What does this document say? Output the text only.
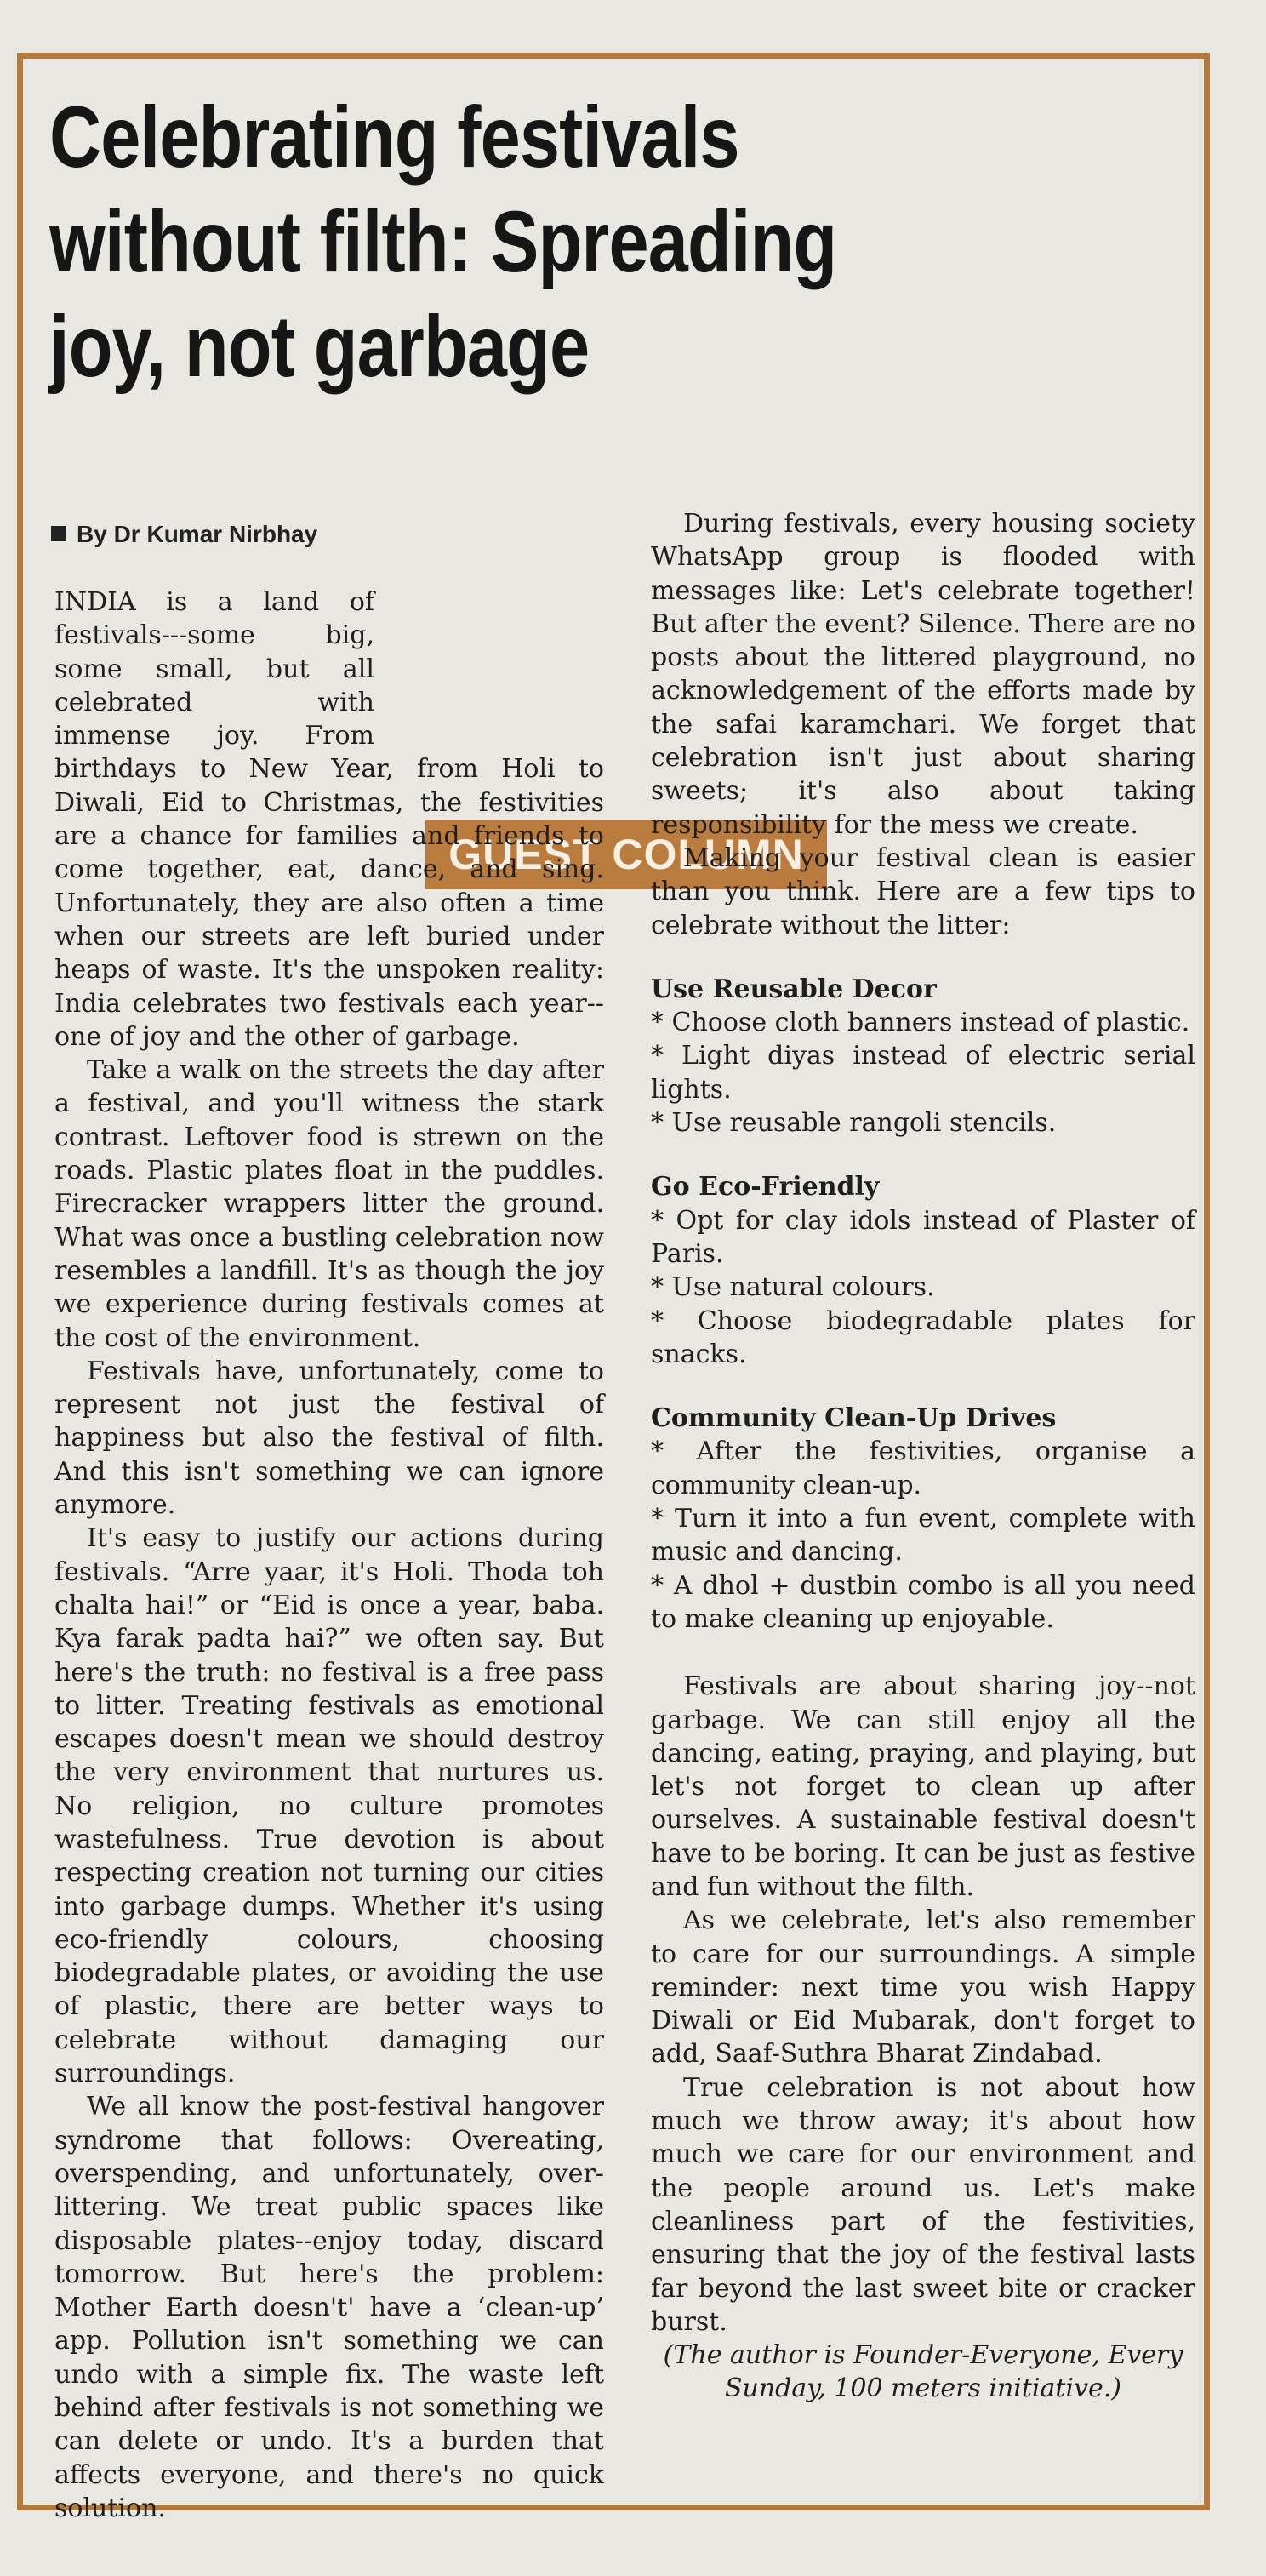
Celebrating festivals
without filth: Spreading
joy, not garbage
By Dr Kumar Nirbhay
GUEST COLUMN

INDIA is a land of festivals---some big, some small, but all celebrated with immense joy. From birthdays to New Year, from Holi to Diwali, Eid to Christmas, the festivities are a chance for families and friends to come together, eat, dance, and sing. Unfortunately, they are also often a time when our streets are left buried under heaps of waste. It's the unspoken reality: India celebrates two festivals each year-- one of joy and the other of garbage.

Take a walk on the streets the day after a festival, and you'll witness the stark contrast. Leftover food is strewn on the roads. Plastic plates float in the puddles. Firecracker wrappers litter the ground. What was once a bustling celebration now resembles a landfill. It's as though the joy we experience during festivals comes at the cost of the environment.

Festivals have, unfortunately, come to represent not just the festival of happiness but also the festival of filth. And this isn't something we can ignore anymore.

It's easy to justify our actions during festivals. “Arre yaar, it's Holi. Thoda toh chalta hai!” or “Eid is once a year, baba. Kya farak padta hai?” we often say. But here's the truth: no festival is a free pass to litter. Treating festivals as emotional escapes doesn't mean we should destroy the very environment that nurtures us. No religion, no culture promotes wastefulness. True devotion is about respecting creation not turning our cities into garbage dumps. Whether it's using eco-friendly colours, choosing biodegradable plates, or avoiding the use of plastic, there are better ways to celebrate without damaging our surroundings.

We all know the post-festival hangover syndrome that follows: Overeating, overspending, and unfortunately, over-littering. We treat public spaces like disposable plates--enjoy today, discard tomorrow. But here's the problem: Mother Earth doesn't' have a ‘clean-up’ app. Pollution isn't something we can undo with a simple fix. The waste left behind after festivals is not something we can delete or undo. It's a burden that affects everyone, and there's no quick solution.

During festivals, every housing society WhatsApp group is flooded with messages like: Let's celebrate together! But after the event? Silence. There are no posts about the littered playground, no acknowledgement of the efforts made by the safai karamchari. We forget that celebration isn't just about sharing sweets; it's also about taking responsibility for the mess we create.

Making your festival clean is easier than you think. Here are a few tips to celebrate without the litter:

Use Reusable Decor

* Choose cloth banners instead of plastic.

* Light diyas instead of electric serial lights.

* Use reusable rangoli stencils.

Go Eco-Friendly

* Opt for clay idols instead of Plaster of Paris.

* Use natural colours.

* Choose biodegradable plates for snacks.

Community Clean-Up Drives

* After the festivities, organise a community clean-up.

* Turn it into a fun event, complete with music and dancing.

* A dhol + dustbin combo is all you need to make cleaning up enjoyable.

Festivals are about sharing joy--not garbage. We can still enjoy all the dancing, eating, praying, and playing, but let's not forget to clean up after ourselves. A sustainable festival doesn't have to be boring. It can be just as festive and fun without the filth.

As we celebrate, let's also remember to care for our surroundings. A simple reminder: next time you wish Happy Diwali or Eid Mubarak, don't forget to add, Saaf-Suthra Bharat Zindabad.

True celebration is not about how much we throw away; it's about how much we care for our environment and the people around us. Let's make cleanliness part of the festivities, ensuring that the joy of the festival lasts far beyond the last sweet bite or cracker burst.

(The author is Founder-Everyone, Every Sunday, 100 meters initiative.)
